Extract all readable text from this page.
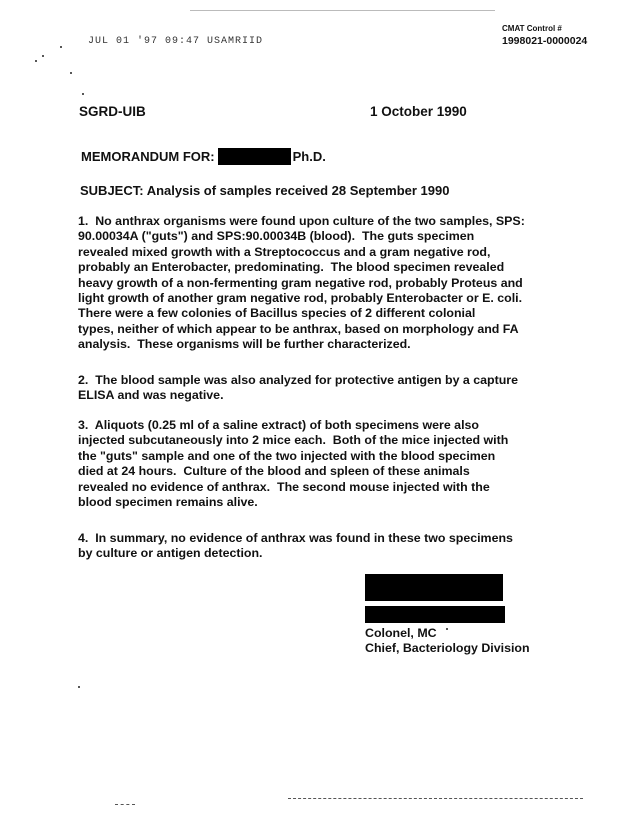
JUL 01 '97 09:47 USAMRIID
CMAT Control #
1998021-0000024
SGRD-UIB	1 October 1990
MEMORANDUM FOR:	Ph.D.
SUBJECT: Analysis of samples received 28 September 1990
1.  No anthrax organisms were found upon culture of the two samples, SPS:
90.00034A ("guts") and SPS:90.00034B (blood).  The guts specimen
revealed mixed growth with a Streptococcus and a gram negative rod,
probably an Enterobacter, predominating.  The blood specimen revealed
heavy growth of a non-fermenting gram negative rod, probably Proteus and
light growth of another gram negative rod, probably Enterobacter or E. coli.
There were a few colonies of Bacillus species of 2 different colonial
types, neither of which appear to be anthrax, based on morphology and FA
analysis.  These organisms will be further characterized.
2.  The blood sample was also analyzed for protective antigen by a capture
ELISA and was negative.
3.  Aliquots (0.25 ml of a saline extract) of both specimens were also
injected subcutaneously into 2 mice each.  Both of the mice injected with
the "guts" sample and one of the two injected with the blood specimen
died at 24 hours.  Culture of the blood and spleen of these animals
revealed no evidence of anthrax.  The second mouse injected with the
blood specimen remains alive.
4.  In summary, no evidence of anthrax was found in these two specimens
by culture or antigen detection.
Colonel, MC
Chief, Bacteriology Division
